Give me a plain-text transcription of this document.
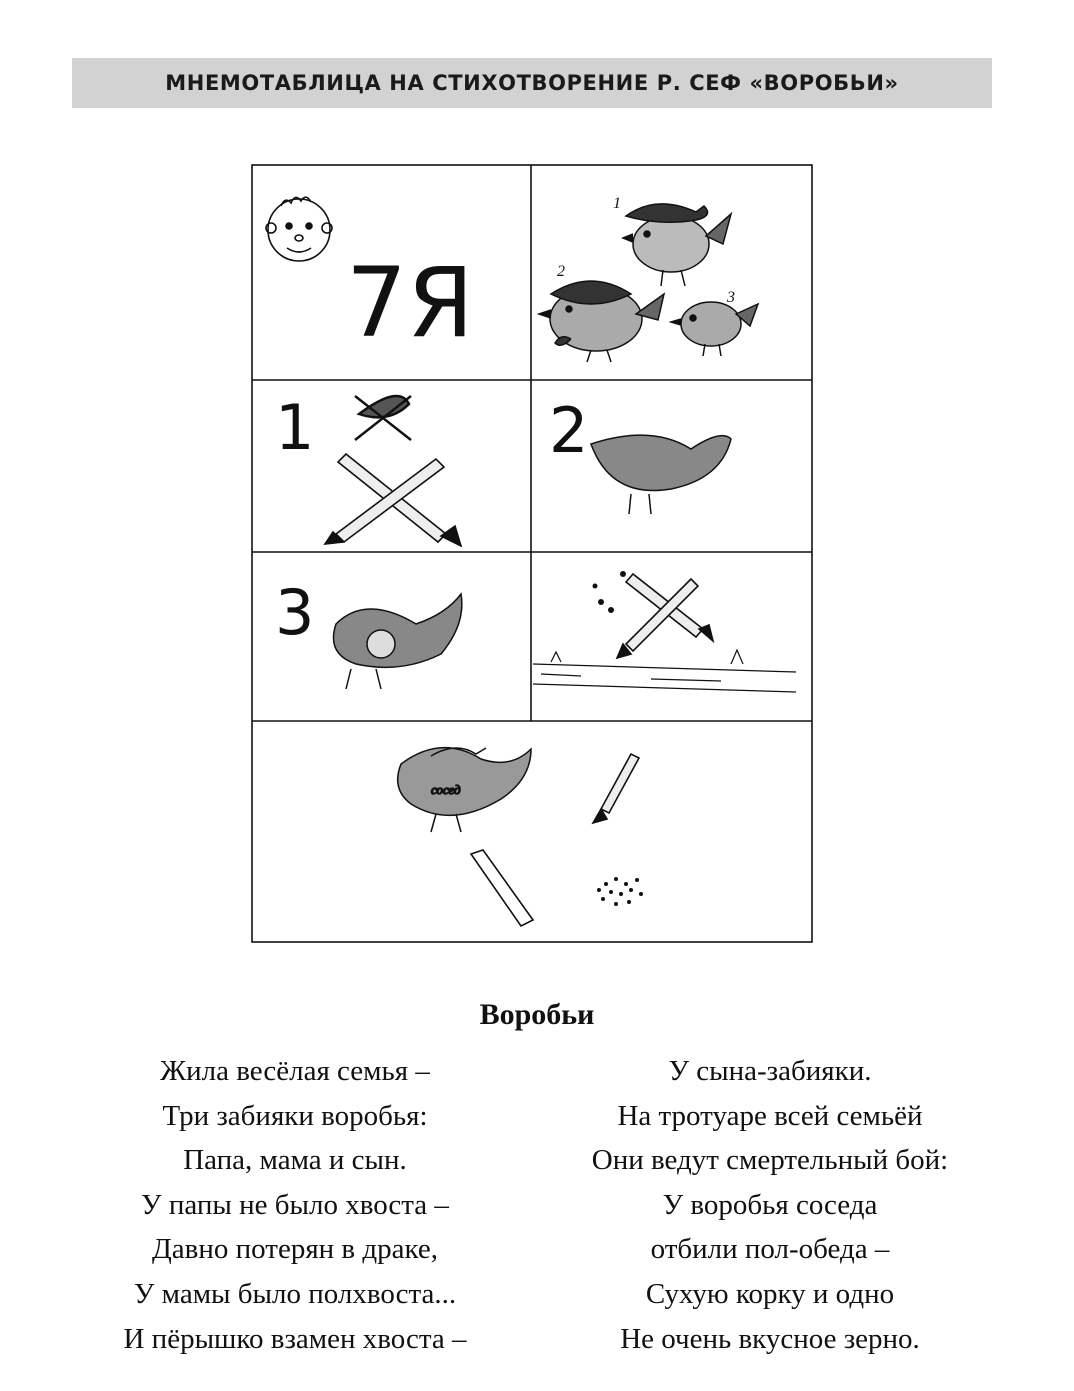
МНЕМОТАБЛИЦА НА СТИХОТВОРЕНИЕ Р. СЕФ «ВОРОБЬИ»
7Я
1
2
3
1	2
3
сосед
Воробьи
Жила весёлая семья –
Три забияки воробья:
Папа, мама и сын.
У папы не было хвоста –
Давно потерян в драке,
У мамы было полхвоста...
И пёрышко взамен хвоста –
У сына-забияки.
На тротуаре всей семьёй
Они ведут смертельный бой:
У воробья соседа
отбили пол-обеда –
Сухую корку и одно
Не очень вкусное зерно.
